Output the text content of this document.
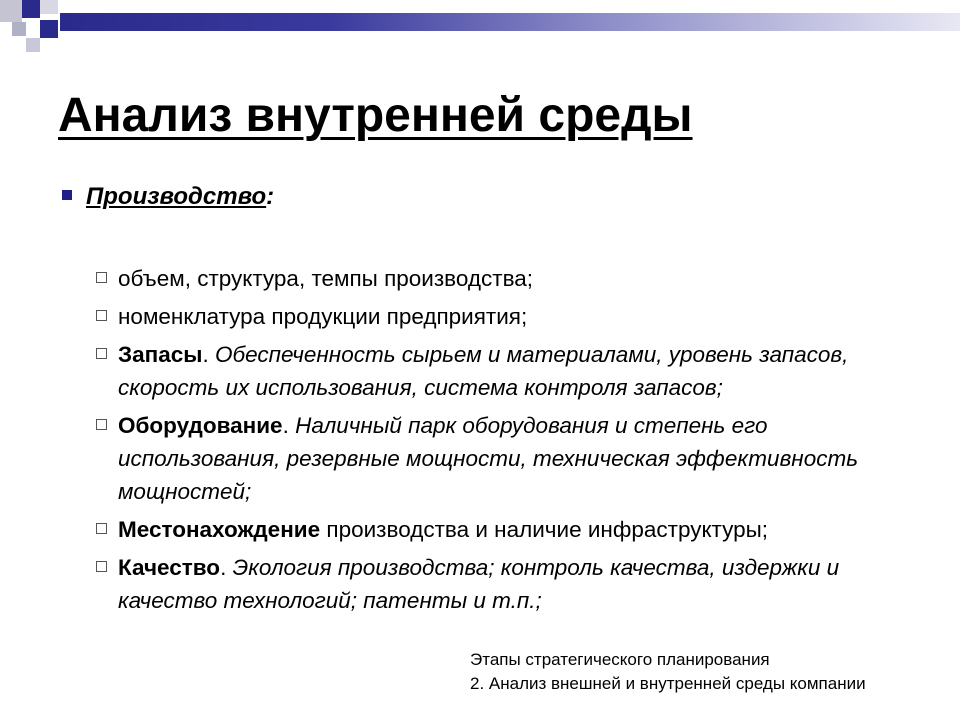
Анализ внутренней среды
Производство:
объем, структура, темпы производства;
номенклатура продукции предприятия;
Запасы. Обеспеченность сырьем и материалами, уровень запасов, скорость их использования, система контроля запасов;
Оборудование. Наличный парк оборудования и степень его использования, резервные мощности, техническая эффективность мощностей;
Местонахождение производства и наличие инфраструктуры;
Качество. Экология производства; контроль качества, издержки и качество технологий; патенты и т.п.;
Этапы стратегического планирования
2. Анализ внешней и внутренней среды компании
